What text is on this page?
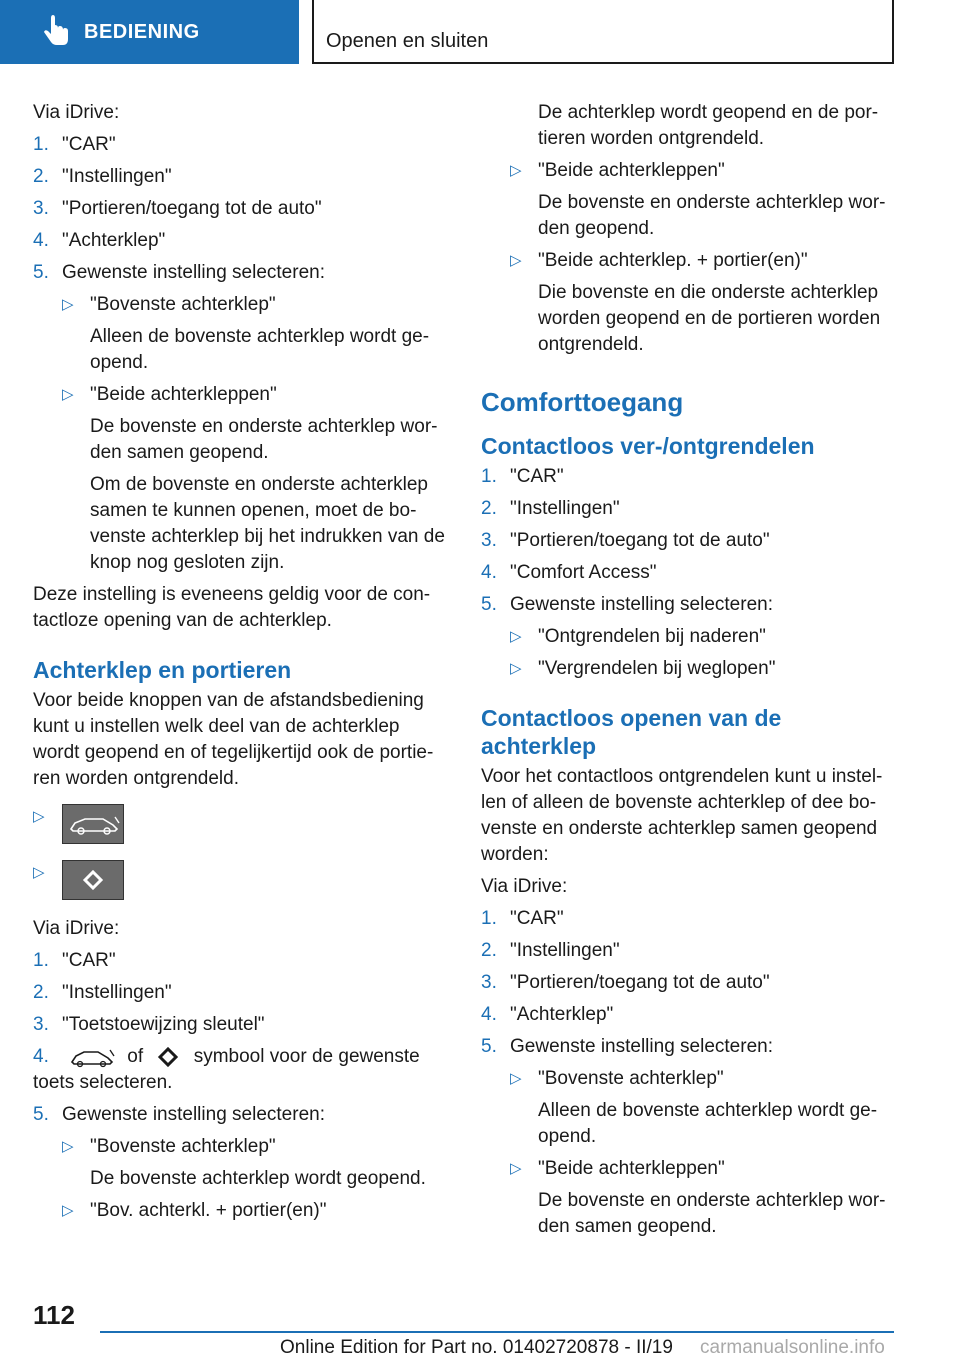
BEDIENING	Openen en sluiten
Via iDrive:
1. "CAR"
2. "Instellingen"
3. "Portieren/toegang tot de auto"
4. "Achterklep"
5. Gewenste instelling selecteren:
▷ "Bovenste achterklep"
Alleen de bovenste achterklep wordt ge-opend.
▷ "Beide achterkleppen"
De bovenste en onderste achterklep wor-den samen geopend.
Om de bovenste en onderste achterklep samen te kunnen openen, moet de bo-venste achterklep bij het indrukken van de knop nog gesloten zijn.
Deze instelling is eveneens geldig voor de con-tactloze opening van de achterklep.
Achterklep en portieren
Voor beide knoppen van de afstandsbediening kunt u instellen welk deel van de achterklep wordt geopend en of tegelijkertijd ook de portie-ren worden ontgrendeld.
▷
▷
Via iDrive:
1. "CAR"
2. "Instellingen"
3. "Toetstoewijzing sleutel"
4.	of	symbool voor de gewenste
toets selecteren.
5. Gewenste instelling selecteren:
▷ "Bovenste achterklep"
De bovenste achterklep wordt geopend.
▷ "Bov. achterkl. + portier(en)"
De achterklep wordt geopend en de por-tieren worden ontgrendeld.
▷ "Beide achterkleppen"
De bovenste en onderste achterklep wor-den geopend.
▷ "Beide achterklep. + portier(en)"
Die bovenste en die onderste achterklep worden geopend en de portieren worden ontgrendeld.
Comforttoegang
Contactloos ver-/ontgrendelen
1. "CAR"
2. "Instellingen"
3. "Portieren/toegang tot de auto"
4. "Comfort Access"
5. Gewenste instelling selecteren:
▷ "Ontgrendelen bij naderen"
▷ "Vergrendelen bij weglopen"
Contactloos openen van de achterklep
Voor het contactloos ontgrendelen kunt u instel-len of alleen de bovenste achterklep of dee bo-venste en onderste achterklep samen geopend worden:
Via iDrive:
1. "CAR"
2. "Instellingen"
3. "Portieren/toegang tot de auto"
4. "Achterklep"
5. Gewenste instelling selecteren:
▷ "Bovenste achterklep"
Alleen de bovenste achterklep wordt ge-opend.
▷ "Beide achterkleppen"
De bovenste en onderste achterklep wor-den samen geopend.
112
Online Edition for Part no. 01402720878 - II/19 carmanualsonline.info
